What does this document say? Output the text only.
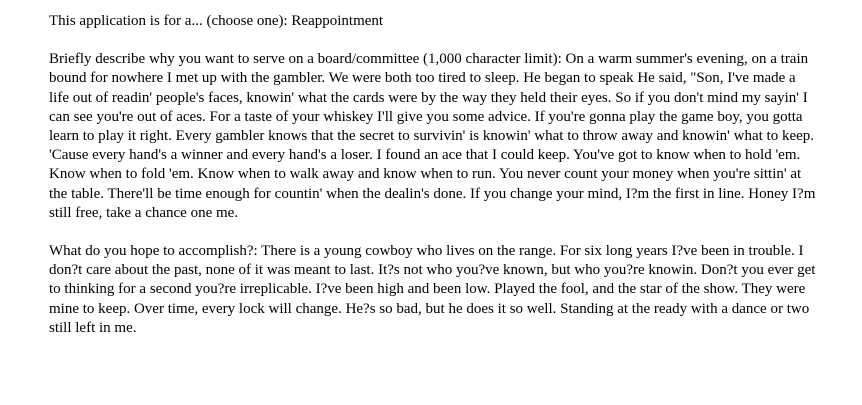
This application is for a... (choose one): Reappointment

Briefly describe why you want to serve on a board/committee (1,000 character limit): On a warm summer's evening, on a train bound for nowhere I met up with the gambler. We were both too tired to sleep. He began to speak He said, "Son, I've made a life out of readin' people's faces, knowin' what the cards were by the way they held their eyes. So if you don't mind my sayin' I can see you're out of aces. For a taste of your whiskey I'll give you some advice. If you're gonna play the game boy, you gotta learn to play it right. Every gambler knows that the secret to survivin' is knowin' what to throw away and knowin' what to keep. 'Cause every hand's a winner and every hand's a loser. I found an ace that I could keep. You've got to know when to hold 'em. Know when to fold 'em. Know when to walk away and know when to run. You never count your money when you're sittin' at the table. There'll be time enough for countin' when the dealin's done. If you change your mind, I?m the first in line. Honey I?m still free, take a chance one me.

What do you hope to accomplish?: There is a young cowboy who lives on the range. For six long years I?ve been in trouble. I don?t care about the past, none of it was meant to last. It?s not who you?ve known, but who you?re knowin. Don?t you ever get to thinking for a second you?re irreplicable. I?ve been high and been low. Played the fool, and the star of the show. They were mine to keep. Over time, every lock will change. He?s so bad, but he does it so well. Standing at the ready with a dance or two still left in me.
